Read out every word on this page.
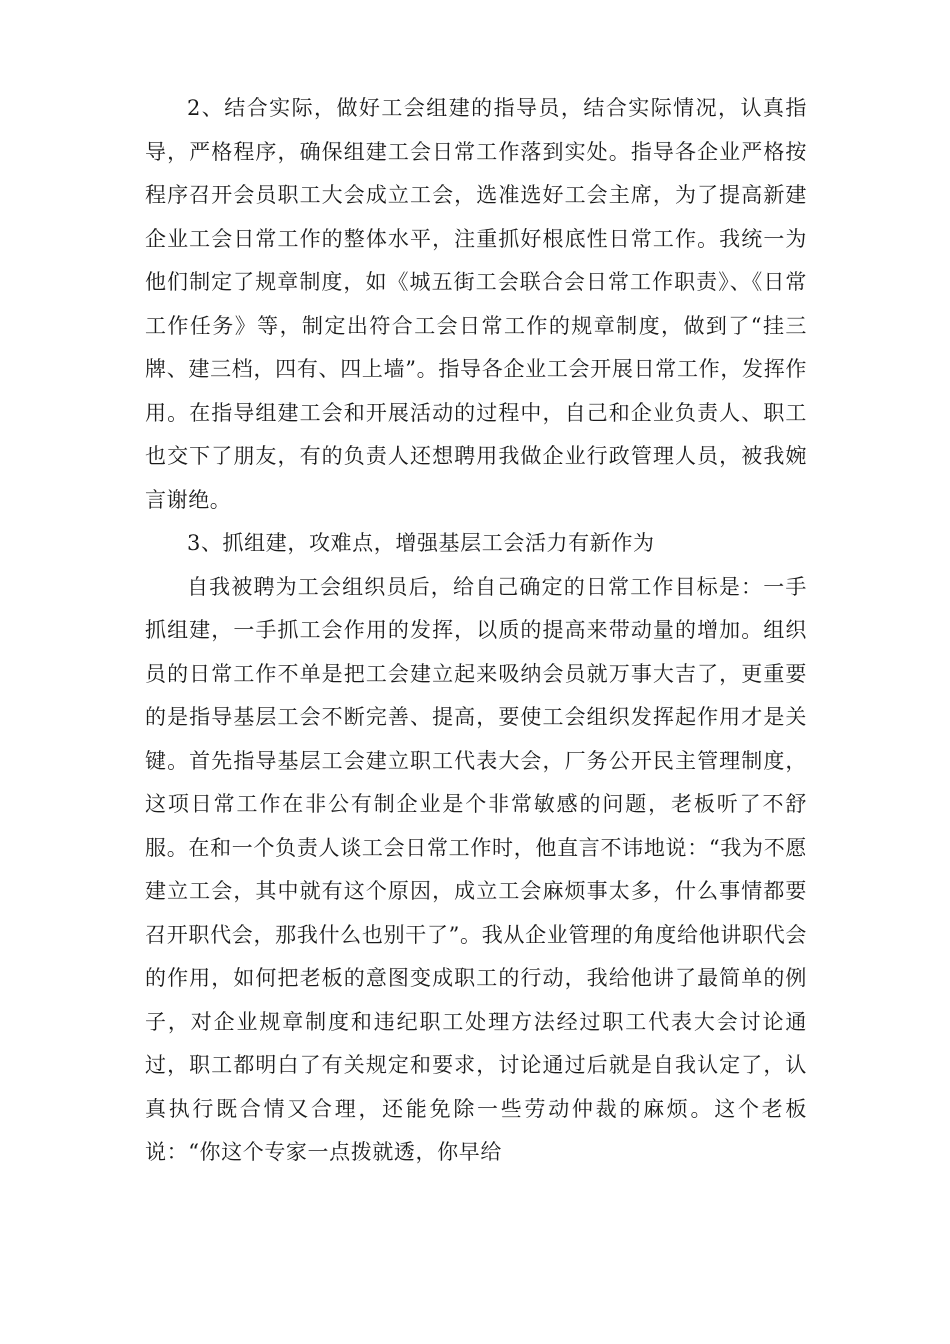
2、结合实际，做好工会组建的指导员，结合实际情况，认真指导，严格程序，确保组建工会日常工作落到实处。指导各企业严格按程序召开会员职工大会成立工会，选准选好工会主席，为了提高新建企业工会日常工作的整体水平，注重抓好根底性日常工作。我统一为他们制定了规章制度，如《城五街工会联合会日常工作职责》、《日常工作任务》等，制定出符合工会日常工作的规章制度，做到了“挂三牌、建三档，四有、四上墙”。指导各企业工会开展日常工作，发挥作用。在指导组建工会和开展活动的过程中，自己和企业负责人、职工也交下了朋友，有的负责人还想聘用我做企业行政管理人员，被我婉言谢绝。

3、抓组建，攻难点，增强基层工会活力有新作为

自我被聘为工会组织员后，给自己确定的日常工作目标是：一手抓组建，一手抓工会作用的发挥，以质的提高来带动量的增加。组织员的日常工作不单是把工会建立起来吸纳会员就万事大吉了，更重要的是指导基层工会不断完善、提高，要使工会组织发挥起作用才是关键。首先指导基层工会建立职工代表大会，厂务公开民主管理制度，这项日常工作在非公有制企业是个非常敏感的问题，老板听了不舒服。在和一个负责人谈工会日常工作时，他直言不讳地说：“我为不愿建立工会，其中就有这个原因，成立工会麻烦事太多，什么事情都要召开职代会，那我什么也别干了”。我从企业管理的角度给他讲职代会的作用，如何把老板的意图变成职工的行动，我给他讲了最简单的例子，对企业规章制度和违纪职工处理方法经过职工代表大会讨论通过，职工都明白了有关规定和要求，讨论通过后就是自我认定了，认真执行既合情又合理，还能免除一些劳动仲裁的麻烦。这个老板说：“你这个专家一点拨就透，你早给
